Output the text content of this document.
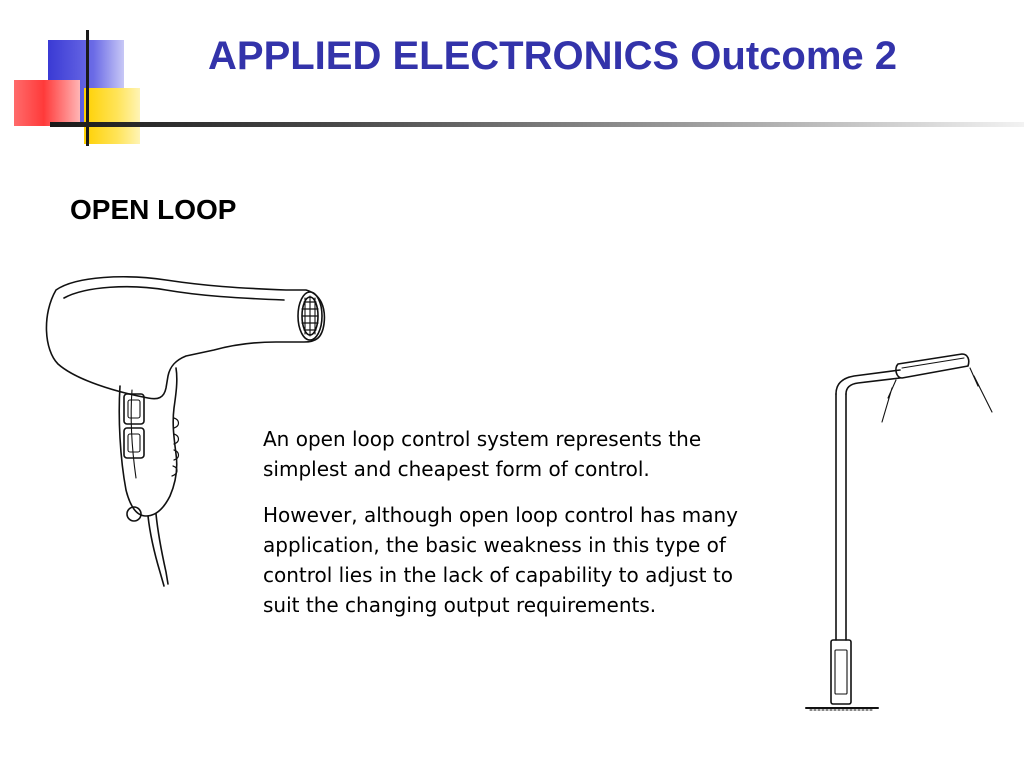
APPLIED ELECTRONICS Outcome 2
OPEN LOOP

An open loop control system represents the simplest and cheapest form of control.

However, although open loop control has many application, the basic weakness in this type of control lies in the lack of capability to adjust to suit the changing output requirements.
